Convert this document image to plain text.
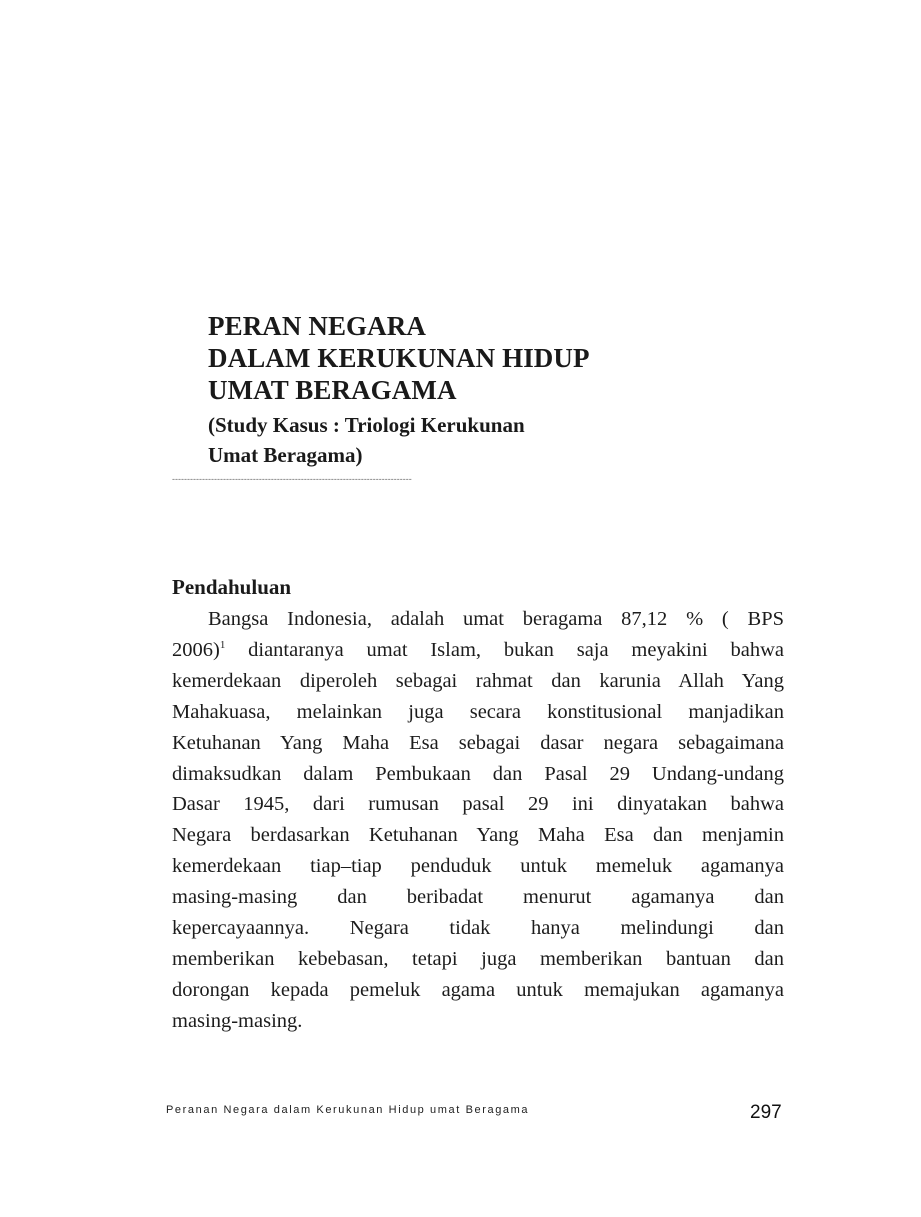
PERAN NEGARA
DALAM KERUKUNAN HIDUP
UMAT BERAGAMA
(Study Kasus : Triologi Kerukunan
Umat Beragama)
--------------------------------------------------------------------------------
Pendahuluan
Bangsa Indonesia, adalah umat beragama 87,12 % ( BPS
2006)$^1$ diantaranya umat Islam, bukan saja meyakini bahwa
kemerdekaan diperoleh sebagai rahmat dan karunia Allah Yang
Mahakuasa, melainkan juga secara konstitusional manjadikan
Ketuhanan Yang Maha Esa sebagai dasar negara sebagaimana
dimaksudkan dalam Pembukaan dan Pasal 29 Undang-undang
Dasar 1945, dari rumusan pasal 29 ini dinyatakan bahwa
Negara berdasarkan Ketuhanan Yang Maha Esa dan menjamin
kemerdekaan tiap–tiap penduduk untuk memeluk agamanya
masing-masing dan beribadat menurut agamanya dan
kepercayaannya. Negara tidak hanya melindungi dan
memberikan kebebasan, tetapi juga memberikan bantuan dan
dorongan kepada pemeluk agama untuk memajukan agamanya
masing-masing.
Peranan Negara dalam Kerukunan Hidup umat Beragama	297
